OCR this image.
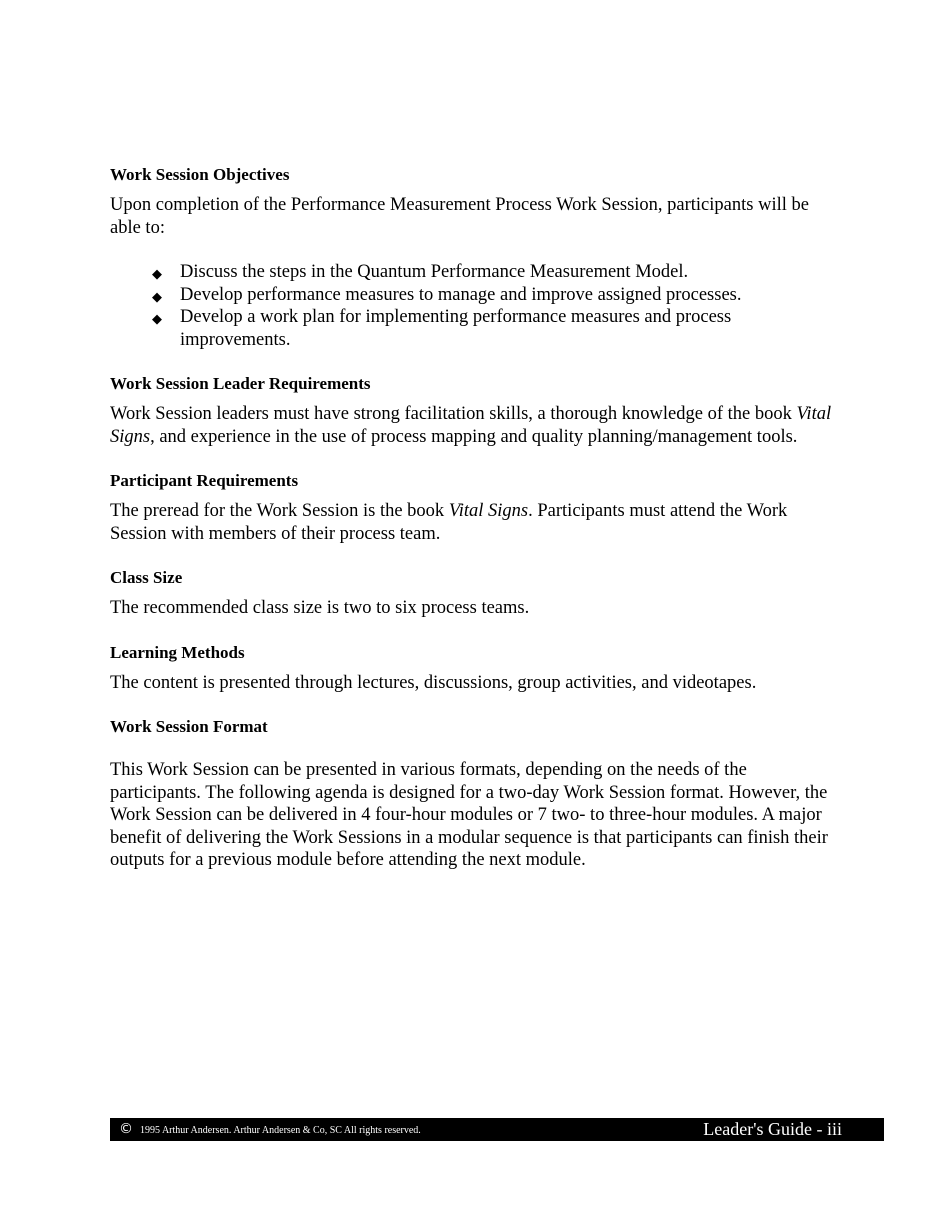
Work Session Objectives

Upon completion of the Performance Measurement Process Work Session, participants will be able to:

◆ Discuss the steps in the Quantum Performance Measurement Model.
◆ Develop performance measures to manage and improve assigned processes.
◆ Develop a work plan for implementing performance measures and process improvements.
Work Session Leader Requirements

Work Session leaders must have strong facilitation skills, a thorough knowledge of the book Vital Signs, and experience in the use of process mapping and quality planning/management tools.

Participant Requirements

The preread for the Work Session is the book Vital Signs. Participants must attend the Work Session with members of their process team.

Class Size

The recommended class size is two to six process teams.

Learning Methods

The content is presented through lectures, discussions, group activities, and videotapes.

Work Session Format

This Work Session can be presented in various formats, depending on the needs of the participants. The following agenda is designed for a two-day Work Session format. However, the Work Session can be delivered in 4 four-hour modules or 7 two- to three-hour modules. A major benefit of delivering the Work Sessions in a modular sequence is that participants can finish their outputs for a previous module before attending the next module.

© 1995 Arthur Andersen. Arthur Andersen & Co, SC All rights reserved.	Leader's Guide - iii
